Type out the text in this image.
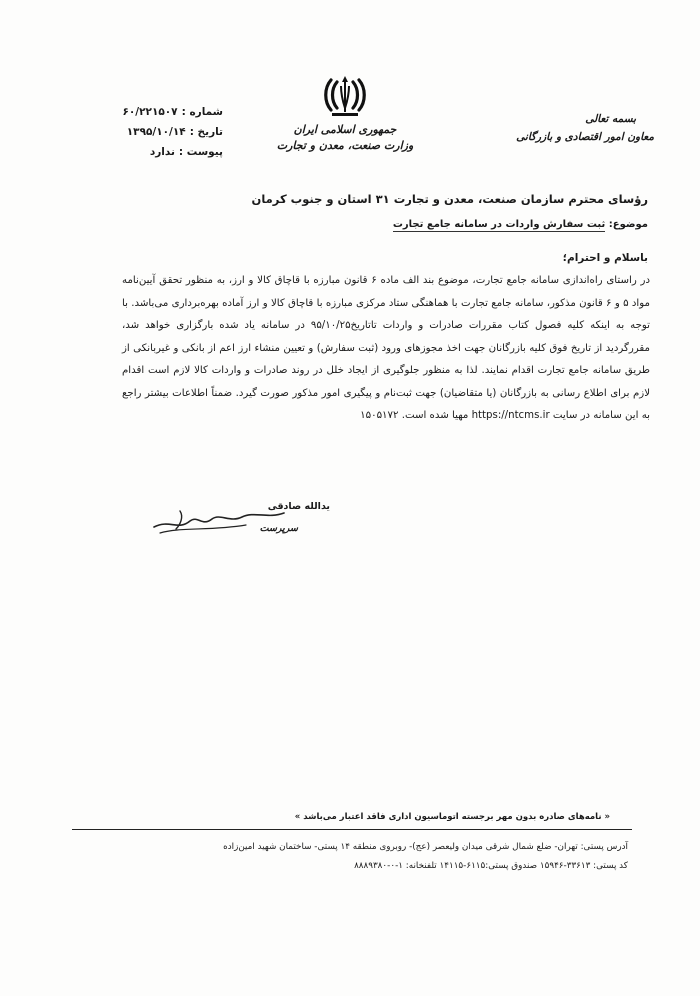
جمهوری اسلامی ایران
وزارت صنعت، معدن و تجارت
بسمه تعالی
معاون امور اقتصادی و بازرگانی
شماره :
۶۰/۲۲۱۵۰۷
تاریخ :
۱۳۹۵/۱۰/۱۴
پیوست :
ندارد
رؤسای محترم سازمان صنعت، معدن و تجارت ۳۱ استان و جنوب کرمان
موضوع: ثبت سفارش واردات در سامانه جامع تجارت
باسلام و احترام؛

در راستای راه‌اندازی سامانه جامع تجارت، موضوع بند الف ماده ۶ قانون مبارزه با قاچاق کالا و ارز، به منظور تحقق آیین‌نامه مواد ۵ و ۶ قانون مذکور، سامانه جامع تجارت با هماهنگی ستاد مرکزی مبارزه با قاچاق کالا و ارز آماده بهره‌برداری می‌باشد. با توجه به اینکه کلیه فصول کتاب مقررات صادرات و واردات تاتاریخ۹۵/۱۰/۲۵ در سامانه یاد شده بارگزاری خواهد شد، مقررگردید از تاریخ فوق کلیه بازرگانان جهت اخذ مجوزهای ورود (ثبت سفارش) و تعیین منشاء ارز اعم از بانکی و غیربانکی از طریق سامانه جامع تجارت اقدام نمایند. لذا به منظور جلوگیری از ایجاد خلل در روند صادرات و واردات کالا لازم است اقدام لازم برای اطلاع رسانی به بازرگانان (یا متقاضیان) جهت ثبت‌نام و پیگیری امور مذکور صورت گیرد. ضمناً اطلاعات بیشتر راجع به این سامانه در سایت https://ntcms.ir مهیا شده است. ۱۵۰۵۱۷۲

یدالله صادقی
سرپرست
« نامه‌های صادره بدون مهر برجسته اتوماسیون اداری فاقد اعتبار می‌باشد »
آدرس پستی: تهران- ضلع شمال شرقی میدان ولیعصر (عج)- روبروی منطقه ۱۴ پستی- ساختمان شهید امین‌زاده
کد پستی: ۳۳۶۱۳-۱۵۹۴۶ صندوق پستی:۶۱۱۵-۱۴۱۱۵ تلفنخانه: ۱-۰-۸۸۸۹۳۸۰
